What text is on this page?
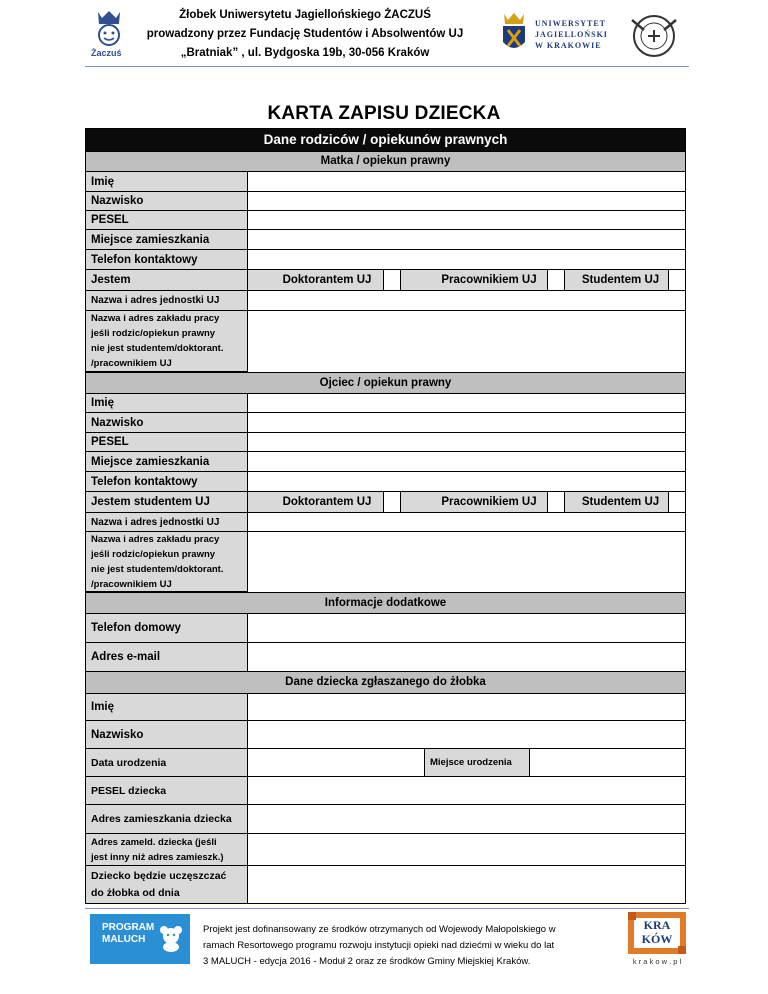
Żaczuś
Żłobek Uniwersytetu Jagiellońskiego ŻACZUŚ
prowadzony przez Fundację Studentów i Absolwentów UJ
„Bratniak” , ul. Bydgoska 19b, 30-056 Kraków
UNIWERSYTET
JAGIELLOŃSKI
W KRAKOWIE
KARTA ZAPISU DZIECKA
Dane rodziców / opiekunów prawnych
Matka / opiekun prawny
Imię
Nazwisko
PESEL
Miejsce zamieszkania
Telefon kontaktowy
Jestem	Doktorantem UJ	Pracownikiem UJ	Studentem UJ
Nazwa i adres jednostki UJ
Nazwa i adres zakładu pracy
jeśli rodzic/opiekun prawny
nie jest studentem/doktorant.
/pracownikiem UJ
Ojciec / opiekun prawny
Imię
Nazwisko
PESEL
Miejsce zamieszkania
Telefon kontaktowy
Jestem studentem UJ	Doktorantem UJ	Pracownikiem UJ	Studentem UJ
Nazwa i adres jednostki UJ
Nazwa i adres zakładu pracy
jeśli rodzic/opiekun prawny
nie jest studentem/doktorant.
/pracownikiem UJ
Informacje dodatkowe
Telefon domowy
Adres e-mail
Dane dziecka zgłaszanego do żłobka
Imię
Nazwisko
Data urodzenia	Miejsce urodzenia
PESEL dziecka
Adres zamieszkania dziecka
Adres zameld. dziecka (jeśli
jest inny niż adres zamieszk.)
Dziecko będzie uczęszczać
do żłobka od dnia
PROGRAM
MALUCH
Projekt jest dofinansowany ze środków otrzymanych od Wojewody Małopolskiego w
ramach Resortowego programu rozwoju instytucji opieki nad dziećmi w wieku do lat
3 MALUCH - edycja 2016 - Moduł 2 oraz ze środków Gminy Miejskiej Kraków.
KRA
KÓW
k r a k o w . p l
